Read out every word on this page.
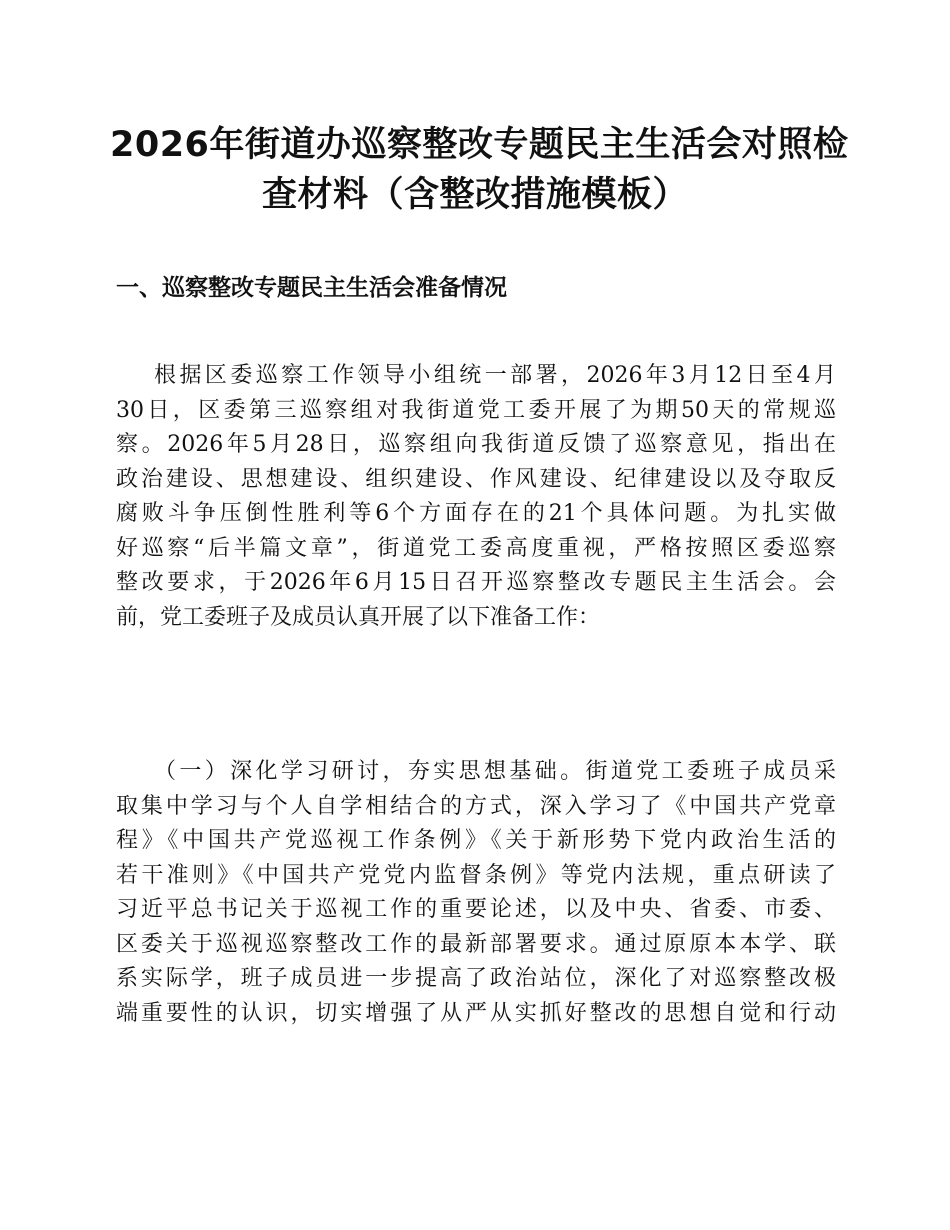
2026年街道办巡察整改专题民主生活会对照检
查材料（含整改措施模板）
一、巡察整改专题民主生活会准备情况
根据区委巡察工作领导小组统一部署，2026年3月12日至4月
30日，区委第三巡察组对我街道党工委开展了为期50天的常规巡
察。2026年5月28日，巡察组向我街道反馈了巡察意见，指出在
政治建设、思想建设、组织建设、作风建设、纪律建设以及夺取反
腐败斗争压倒性胜利等6个方面存在的21个具体问题。为扎实做
好巡察“后半篇文章”，街道党工委高度重视，严格按照区委巡察
整改要求，于2026年6月15日召开巡察整改专题民主生活会。会
前，党工委班子及成员认真开展了以下准备工作：
（一）深化学习研讨，夯实思想基础。街道党工委班子成员采
取集中学习与个人自学相结合的方式，深入学习了《中国共产党章
程》《中国共产党巡视工作条例》《关于新形势下党内政治生活的
若干准则》《中国共产党党内监督条例》等党内法规，重点研读了
习近平总书记关于巡视工作的重要论述，以及中央、省委、市委、
区委关于巡视巡察整改工作的最新部署要求。通过原原本本学、联
系实际学，班子成员进一步提高了政治站位，深化了对巡察整改极
端重要性的认识，切实增强了从严从实抓好整改的思想自觉和行动
